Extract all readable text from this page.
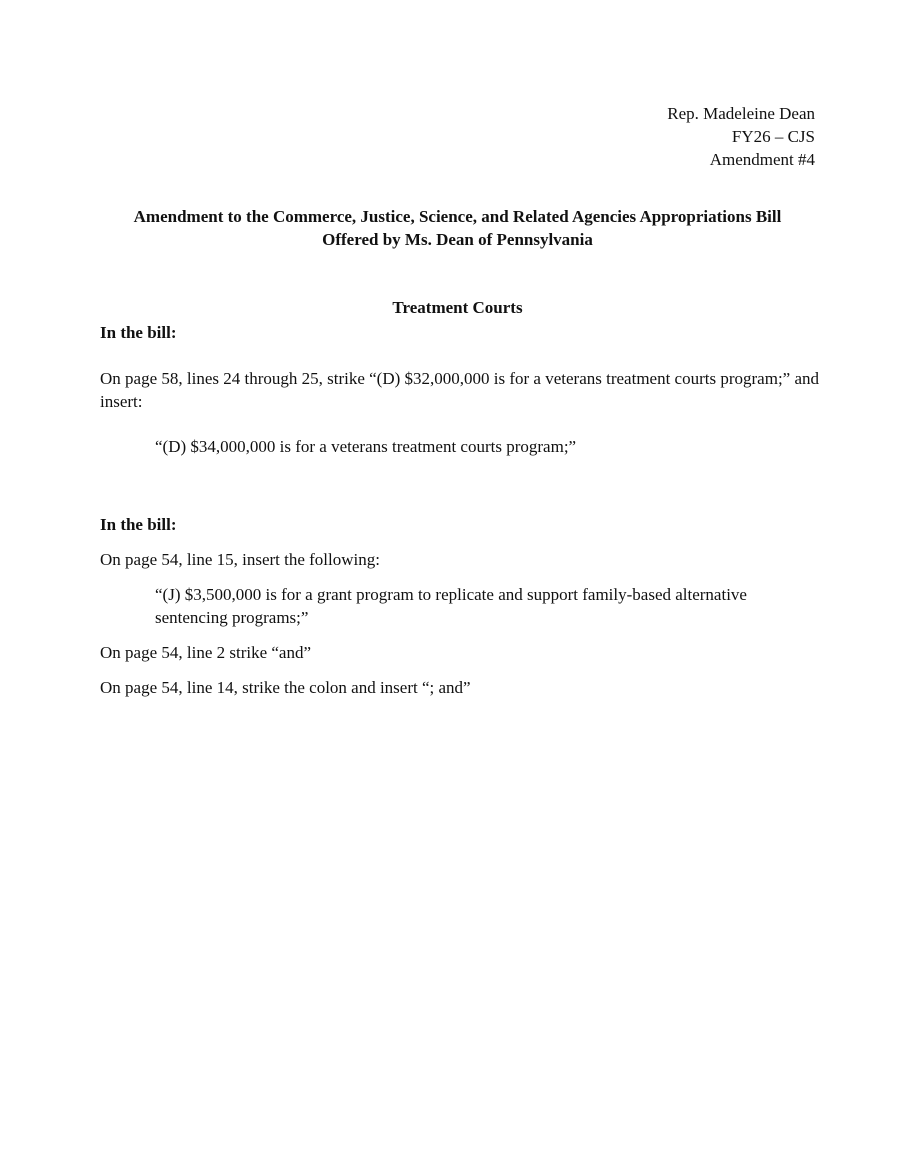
Rep. Madeleine Dean
FY26 – CJS
Amendment #4
Amendment to the Commerce, Justice, Science, and Related Agencies Appropriations Bill
Offered by Ms. Dean of Pennsylvania
Treatment Courts
In the bill:
On page 58, lines 24 through 25, strike “(D) $32,000,000 is for a veterans treatment courts program;” and insert:
“(D) $34,000,000 is for a veterans treatment courts program;”
In the bill:
On page 54, line 15, insert the following:
“(J) $3,500,000 is for a grant program to replicate and support family-based alternative sentencing programs;”
On page 54, line 2 strike “and”
On page 54, line 14, strike the colon and insert “; and”
